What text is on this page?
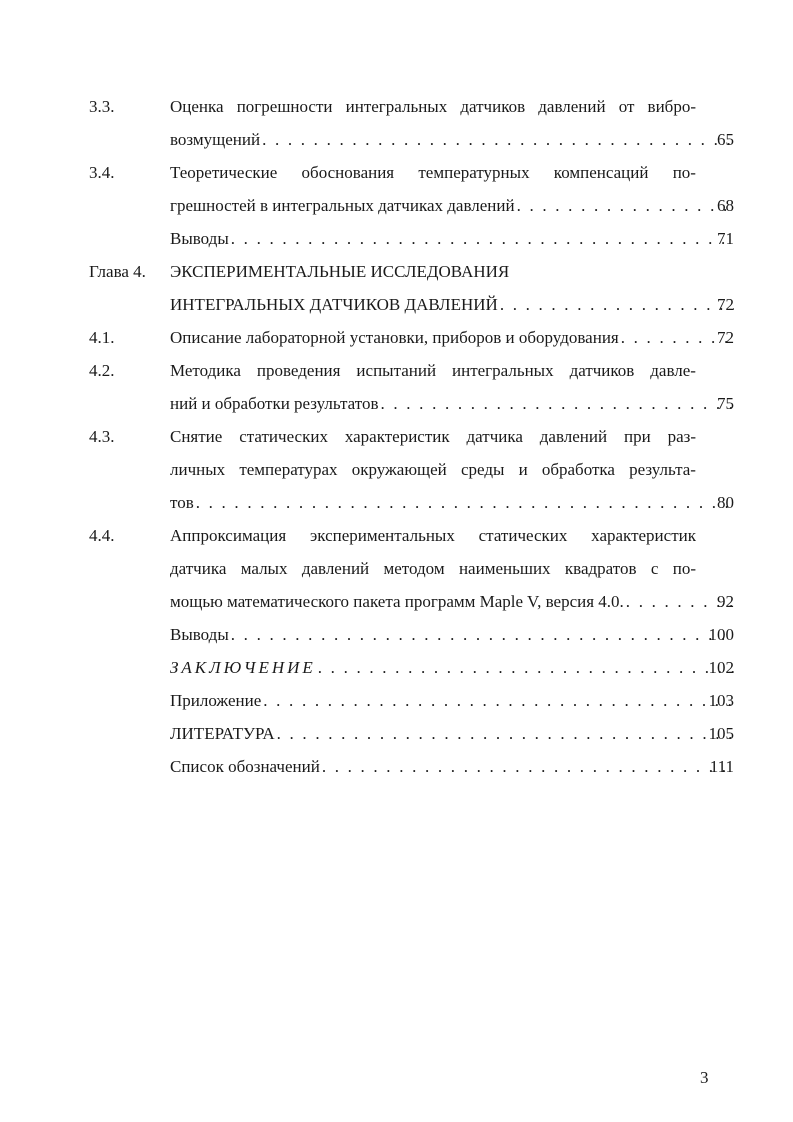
3.3.	Оценка погрешности интегральных датчиков давлений от вибро-
возмущений . . .	65
3.4.	Теоретические обоснования температурных компенсаций по-
грешностей в интегральных датчиках давлений . . .	68
Выводы . . .	71
Глава 4. ЭКСПЕРИМЕНТАЛЬНЫЕ ИССЛЕДОВАНИЯ
ИНТЕГРАЛЬНЫХ ДАТЧИКОВ ДАВЛЕНИЙ . . .	72
4.1.	Описание лабораторной установки, приборов и оборудования . . .	72
4.2.	Методика проведения испытаний интегральных датчиков давле-
ний и обработки результатов . . .	75
4.3.	Снятие статических характеристик датчика давлений при раз-
личных температурах окружающей среды и обработка результа-
тов . . .	80
4.4.	Аппроксимация экспериментальных статических характеристик
датчика малых давлений методом наименьших квадратов с по-
мощью математического пакета программ Maple V, версия 4.0. . . .	92
Выводы . . .	100
ЗАКЛЮЧЕНИЕ . . .	102
Приложение . . .	103
ЛИТЕРАТУРА . . .	105
Список обозначений . . .	111
3
